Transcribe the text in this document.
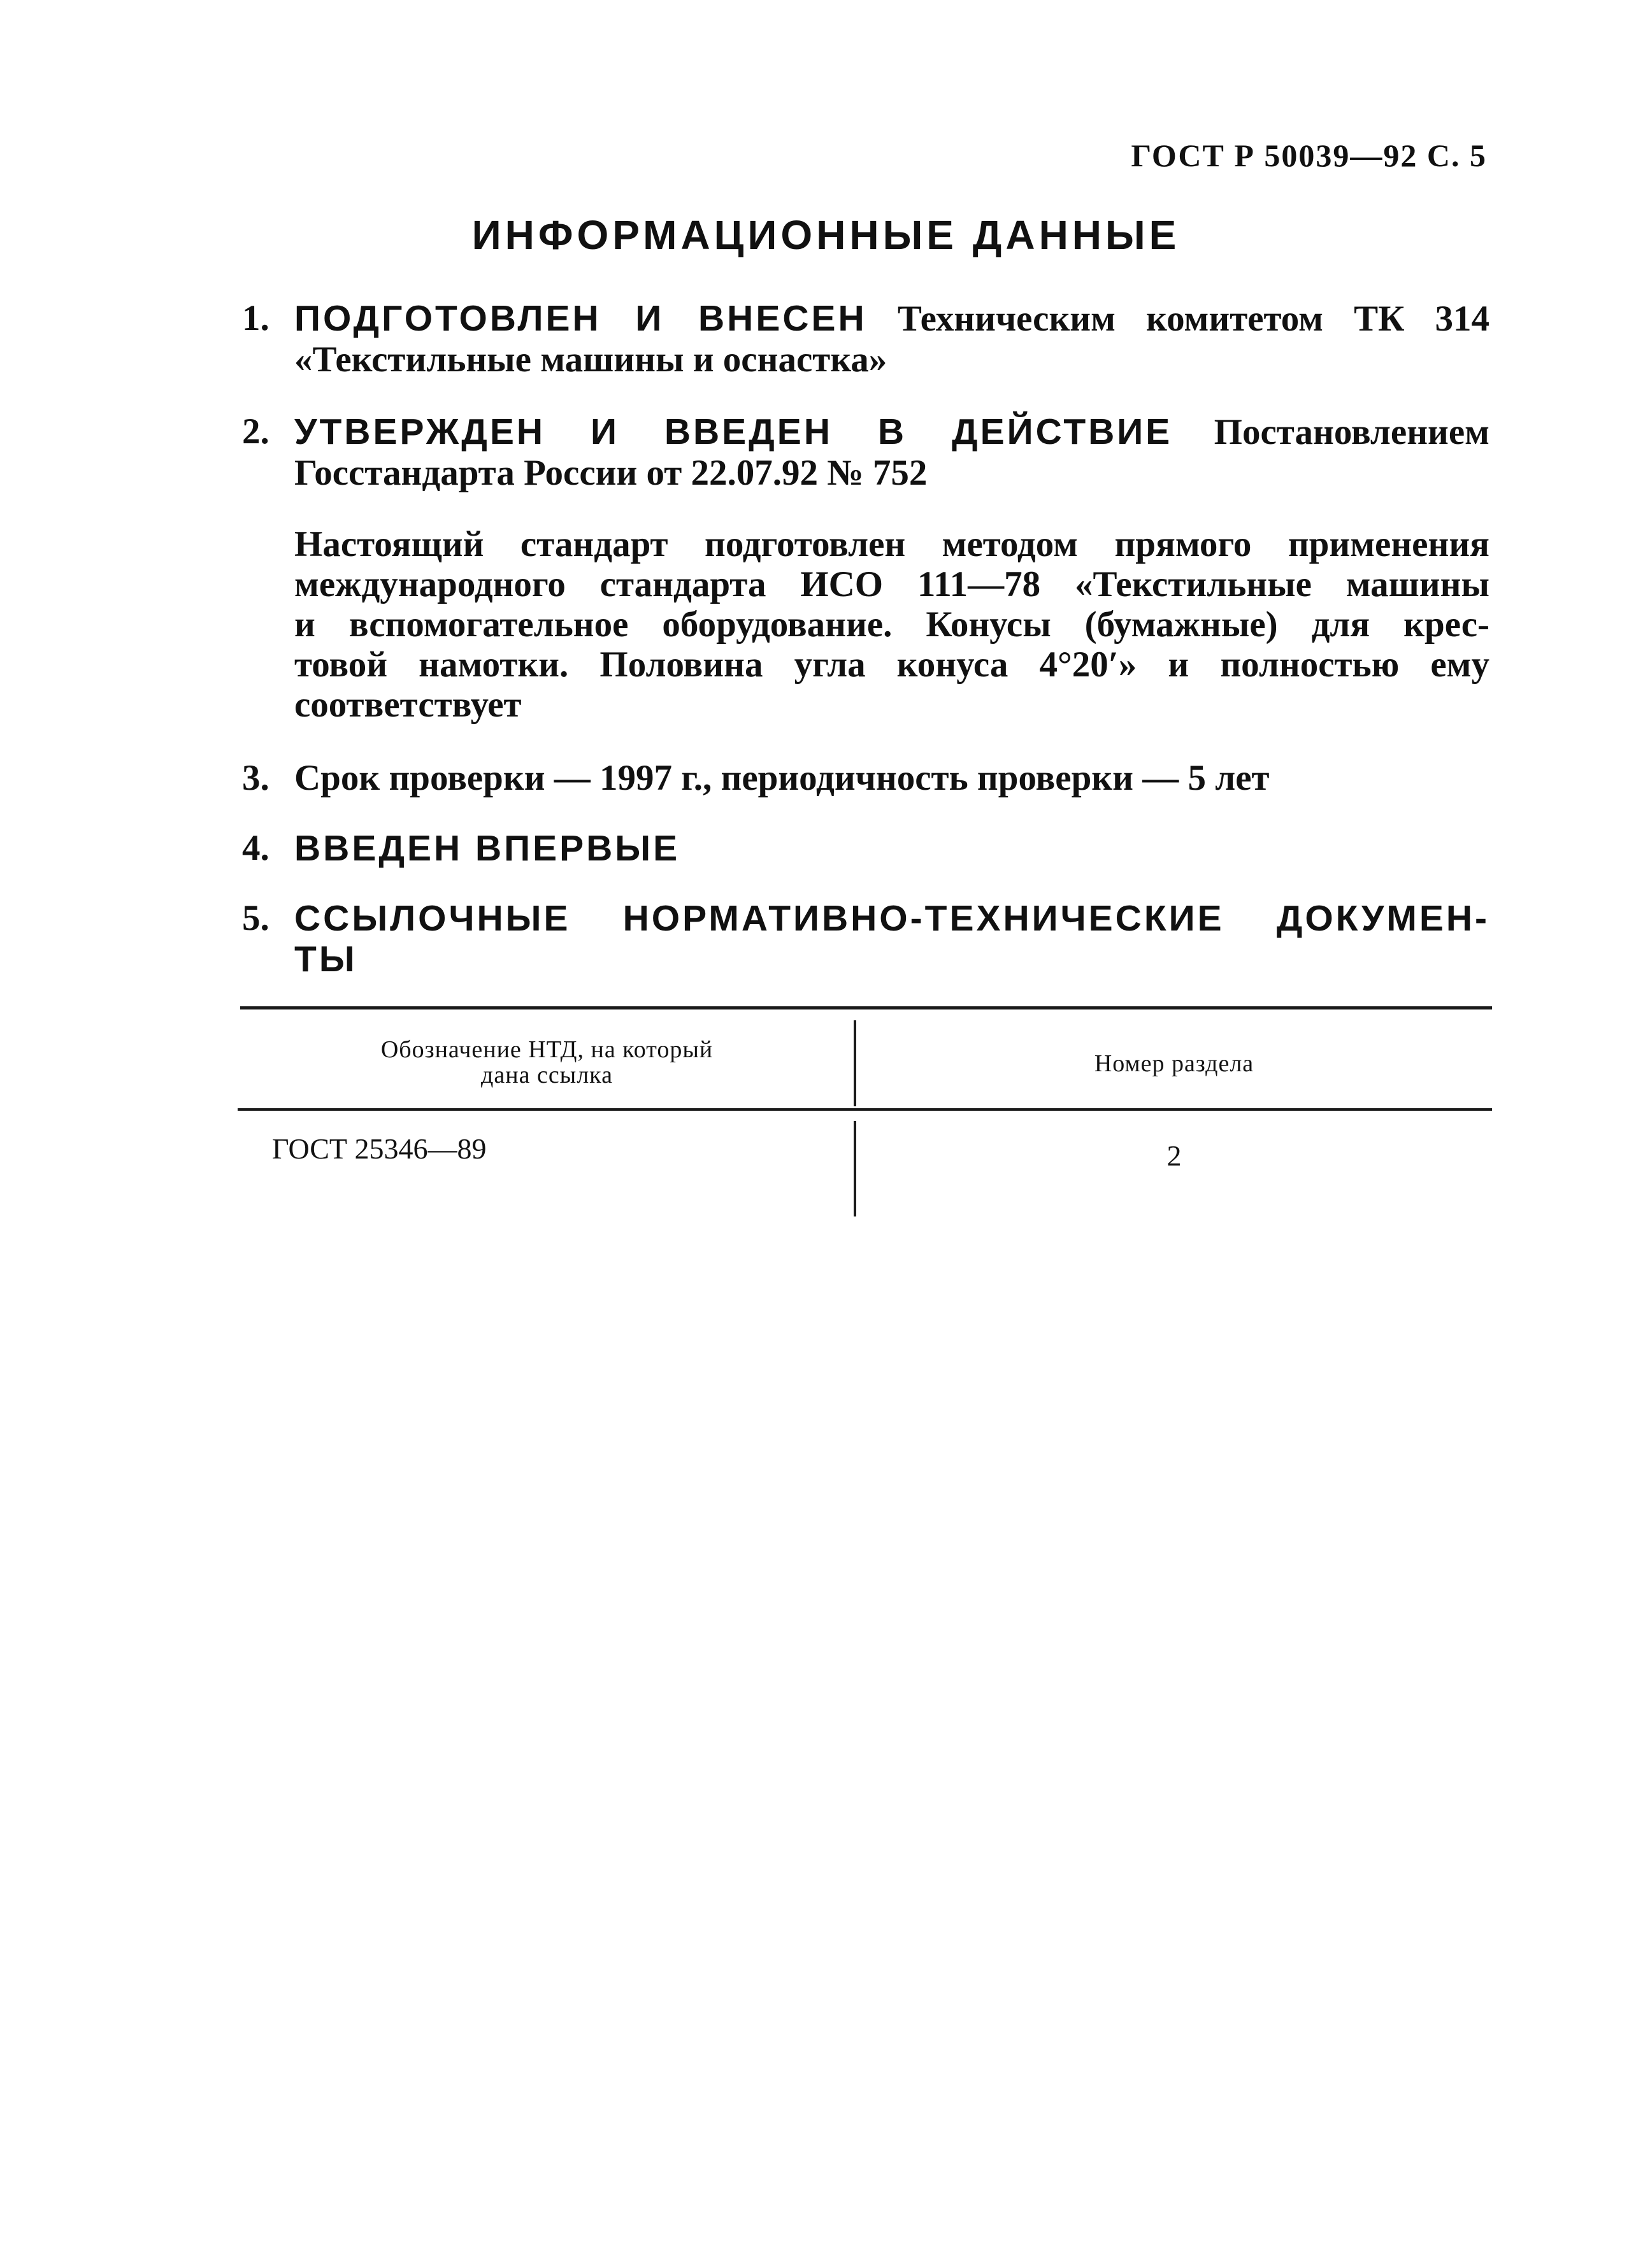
ГОСТ Р 50039—92 С. 5
ИНФОРМАЦИОННЫЕ ДАННЫЕ
1. ПОДГОТОВЛЕН И ВНЕСЕН Техническим комитетом ТК 314
«Текстильные машины и оснастка»
2. УТВЕРЖДЕН И ВВЕДЕН В ДЕЙСТВИЕ Постановлением
Госстандарта России от 22.07.92 № 752
Настоящий стандарт подготовлен методом прямого применения
международного стандарта ИСО 111—78 «Текстильные машины
и вспомогательное оборудование. Конусы (бумажные) для крес-
товой намотки. Половина угла конуса 4°20′» и полностью ему
соответствует
3. Срок проверки — 1997 г., периодичность проверки — 5 лет
4. ВВЕДЕН ВПЕРВЫЕ
5. ССЫЛОЧНЫЕ НОРМАТИВНО-ТЕХНИЧЕСКИЕ ДОКУМЕН-
ТЫ
Обозначение НТД, на который
дана ссылка	Номер раздела
ГОСТ 25346—89	2
